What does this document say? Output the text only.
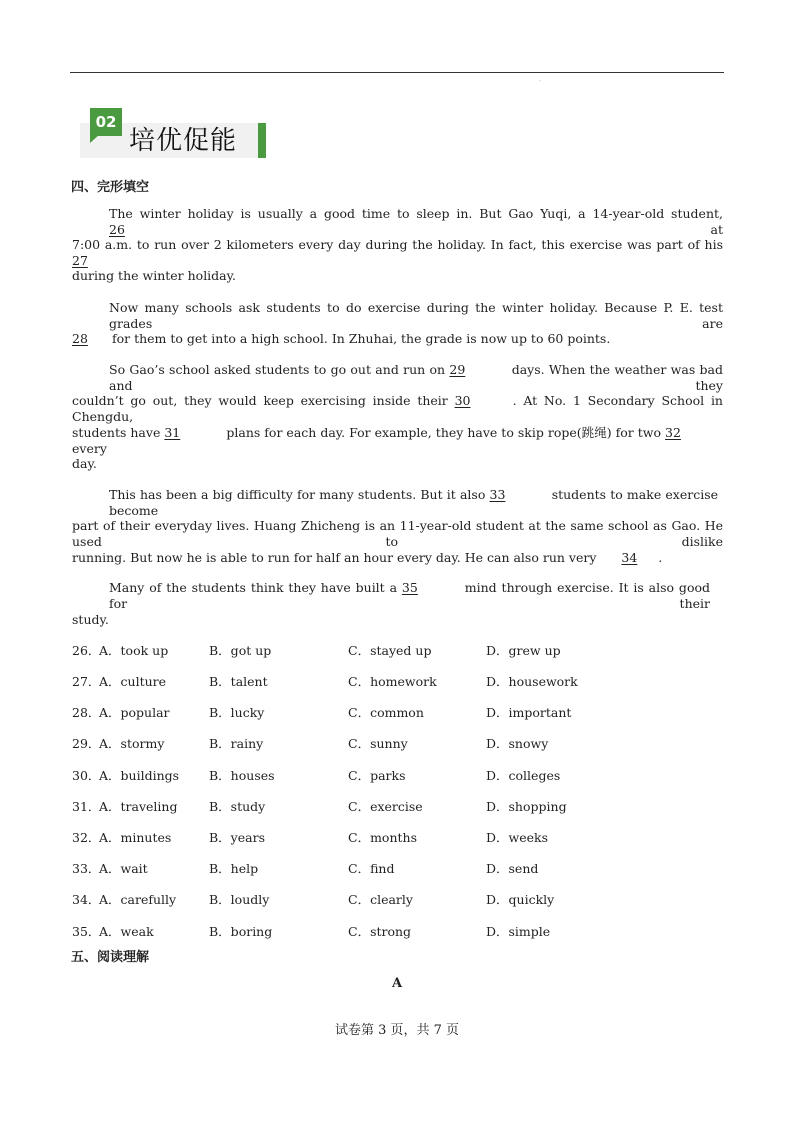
·
02
培优促能
四、完形填空
The winter holiday is usually a good time to sleep in. But Gao Yuqi, a 14-year-old student, 26	at
7:00 a.m. to run over 2 kilometers every day during the holiday. In fact, this exercise was part of his 27
during the winter holiday.
Now many schools ask students to do exercise during the winter holiday. Because P. E. test grades are
28 for them to get into a high school. In Zhuhai, the grade is now up to 60 points.
So Gao’s school asked students to go out and run on 29	days. When the weather was bad and they
couldn’t go out, they would keep exercising inside their 30	. At No. 1 Secondary School in Chengdu,
students have 31	plans for each day. For example, they have to skip rope(跳绳) for two 32 every
day.
This has been a big difficulty for many students. But it also 33	students to make exercise become
part of their everyday lives. Huang Zhicheng is an 11-year-old student at the same school as Gao. He used to dislike
running. But now he is able to run for half an hour every day. He can also run very 34 .
Many of the students think they have built a 35	mind through exercise. It is also good for their
study.
26．
A．took up	B．got up	C．stayed up	D．grew up
27．
A．culture	B．talent	C．homework	D．housework
28．
A．popular	B．lucky	C．common	D．important
29．
A．stormy	B．rainy	C．sunny	D．snowy
30．
A．buildings B．houses	C．parks	D．colleges
31．
A．traveling	B．study	C．exercise	D．shopping
32．
A．minutes	B．years	C．months	D．weeks
33．
A．wait	B．help	C．find	D．send
34．
A．carefully	B．loudly	C．clearly	D．quickly
35．
A．weak	B．boring	C．strong	D．simple
五、阅读理解
A
试卷第 3 页，共 7 页
